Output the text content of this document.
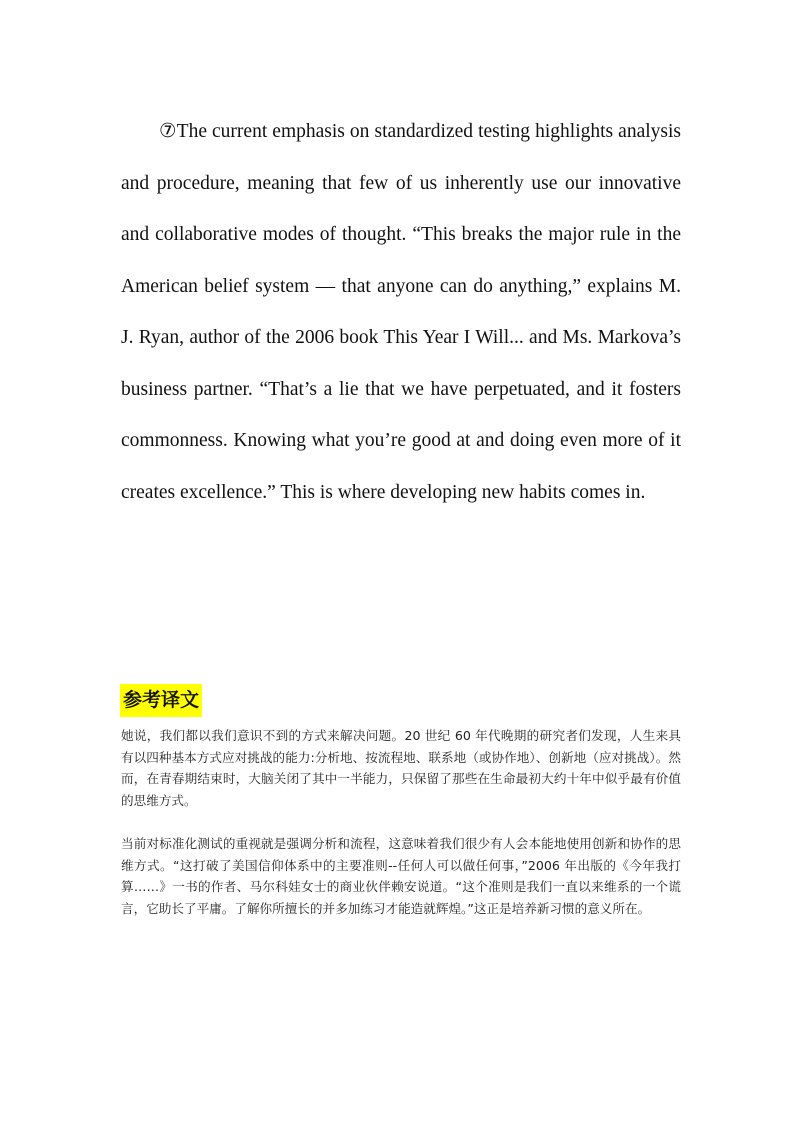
⑦The current emphasis on standardized testing highlights analysis and procedure, meaning that few of us inherently use our innovative and collaborative modes of thought. “This breaks the major rule in the American belief system — that anyone can do anything,” explains M. J. Ryan, author of the 2006 book This Year I Will... and Ms. Markova’s business partner. “That’s a lie that we have perpetuated, and it fosters commonness. Knowing what you’re good at and doing even more of it creates excellence.” This is where developing new habits comes in.

参考译文

她说，我们都以我们意识不到的方式来解决问题。20 世纪 60 年代晚期的研究者们发现，人生来具有以四种基本方式应对挑战的能力:分析地、按流程地、联系地（或协作地）、创新地（应对挑战）。然而，在青春期结束时，大脑关闭了其中一半能力，只保留了那些在生命最初大约十年中似乎最有价值的思维方式。

当前对标准化测试的重视就是强调分析和流程，这意味着我们很少有人会本能地使用创新和协作的思维方式。“这打破了美国信仰体系中的主要准则--任何人可以做任何事，”2006 年出版的《今年我打算……》一书的作者、马尔科娃女士的商业伙伴赖安说道。“这个准则是我们一直以来维系的一个谎言，它助长了平庸。了解你所擅长的并多加练习才能造就辉煌。”这正是培养新习惯的意义所在。
